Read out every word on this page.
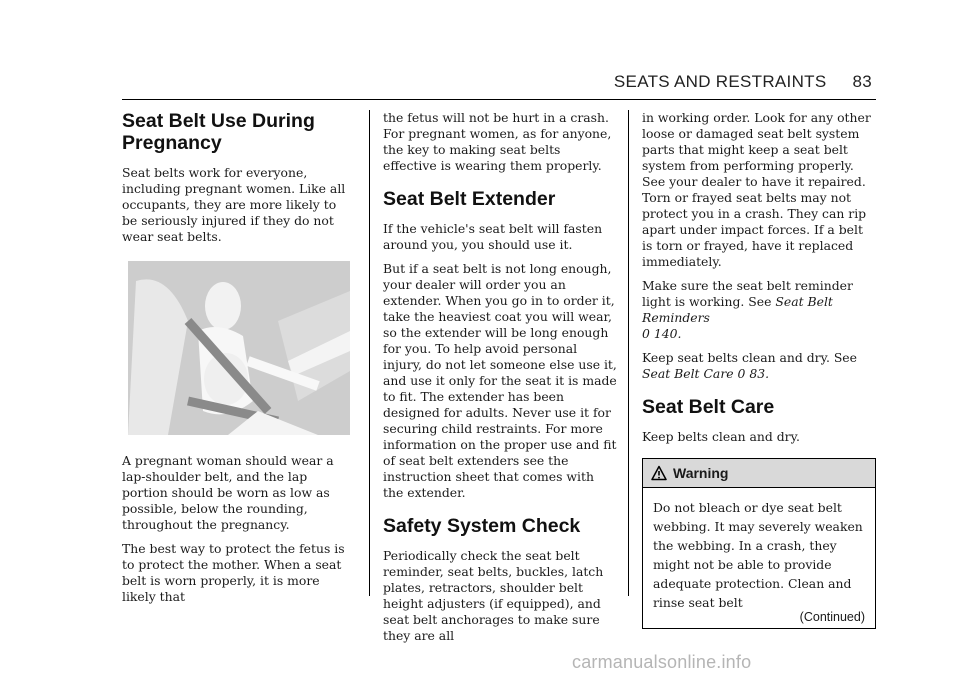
SEATS AND RESTRAINTS 83
Seat Belt Use During Pregnancy

Seat belts work for everyone, including pregnant women. Like all occupants, they are more likely to be seriously injured if they do not wear seat belts.

A pregnant woman should wear a lap-shoulder belt, and the lap portion should be worn as low as possible, below the rounding, throughout the pregnancy.

The best way to protect the fetus is to protect the mother. When a seat belt is worn properly, it is more likely that

the fetus will not be hurt in a crash. For pregnant women, as for anyone, the key to making seat belts effective is wearing them properly.

Seat Belt Extender

If the vehicle's seat belt will fasten around you, you should use it.

But if a seat belt is not long enough, your dealer will order you an extender. When you go in to order it, take the heaviest coat you will wear, so the extender will be long enough for you. To help avoid personal injury, do not let someone else use it, and use it only for the seat it is made to fit. The extender has been designed for adults. Never use it for securing child restraints. For more information on the proper use and fit of seat belt extenders see the instruction sheet that comes with the extender.

Safety System Check

Periodically check the seat belt reminder, seat belts, buckles, latch plates, retractors, shoulder belt height adjusters (if equipped), and seat belt anchorages to make sure they are all

in working order. Look for any other loose or damaged seat belt system parts that might keep a seat belt system from performing properly. See your dealer to have it repaired. Torn or frayed seat belts may not protect you in a crash. They can rip apart under impact forces. If a belt is torn or frayed, have it replaced immediately.

Make sure the seat belt reminder light is working. See Seat Belt Reminders
0 140.

Keep seat belts clean and dry. See Seat Belt Care 0 83.

Seat Belt Care

Keep belts clean and dry.

Warning

Do not bleach or dye seat belt webbing. It may severely weaken the webbing. In a crash, they might not be able to provide adequate protection. Clean and rinse seat belt

(Continued)
carmanualsonline.info
